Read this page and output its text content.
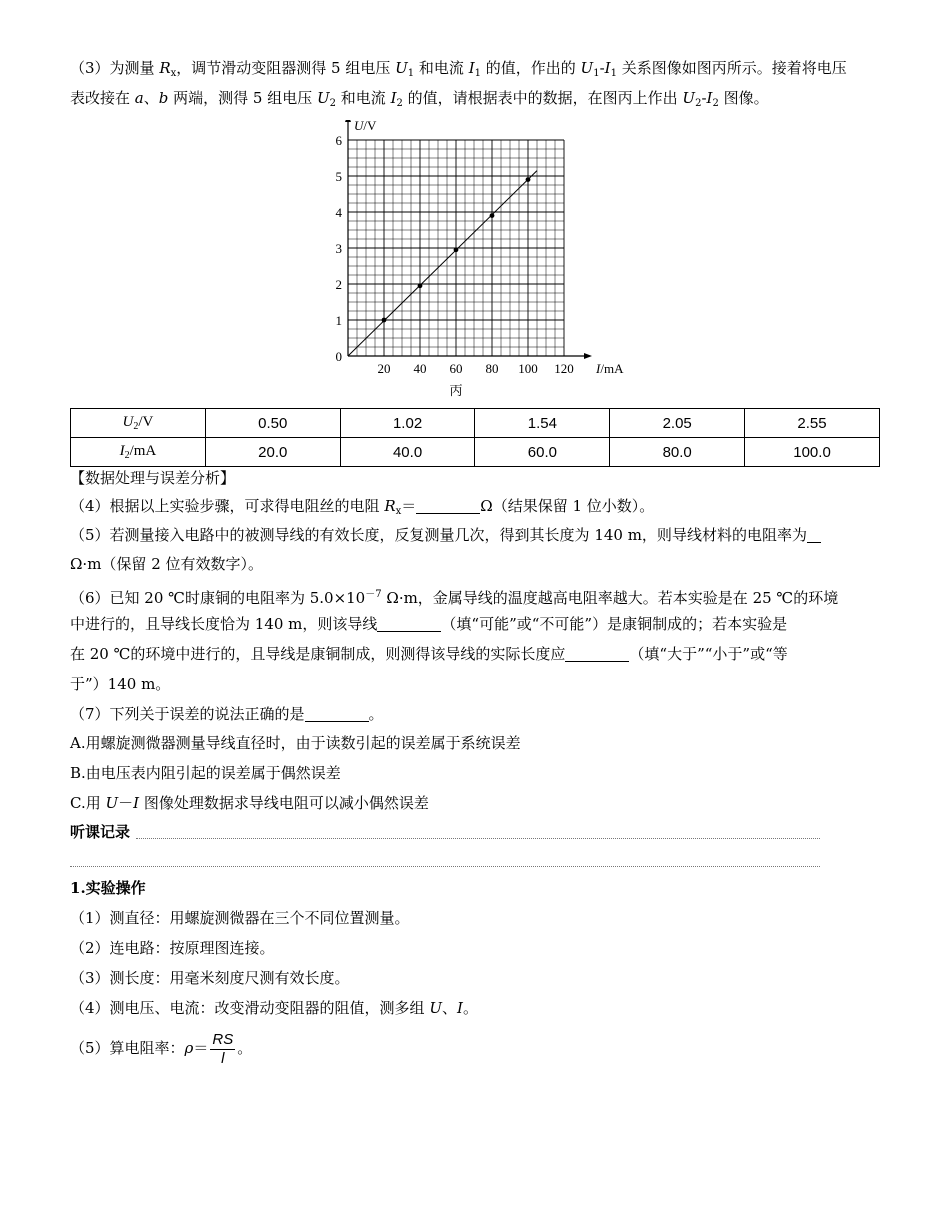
（3）为测量 $R_x$，调节滑动变阻器测得 5 组电压 $U_1$ 和电流 $I_1$ 的值，作出的 $U_1-I_1$ 关系图像如图丙所示。接着将电压
表改接在 a、b 两端，测得 5 组电压 $U_2$ 和电流 $I_2$ 的值，请根据表中的数据，在图丙上作出 $U_2-I_2$ 图像。
20 40 60 80 100 120
1
2
3
4
5
6
0
U/V
I/mA
丙
$U_2/V$	0.50	1.02	1.54	2.05	2.55
$I_2/mA$	20.0	40.0	60.0	80.0	100.0
【数据处理与误差分析】
（4）根据以上实验步骤，可求得电阻丝的电阻 $R_x=$	Ω（结果保留 1 位小数）。
（5）若测量接入电路中的被测导线的有效长度，反复测量几次，得到其长度为 140 m，则导线材料的电阻率为
Ω·m（保留 2 位有效数字）。
（6）已知 20 ℃时康铜的电阻率为 $5.0\times 10^{-7}$ Ω·m，金属导线的温度越高电阻率越大。若本实验是在 25 ℃的环境
中进行的，且导线长度恰为 140 m，则该导线	（填“可能”或“不可能”）是康铜制成的；若本实验是
在 20 ℃的环境中进行的，且导线是康铜制成，则测得该导线的实际长度应	（填“大于”“小于”或“等
于”）140 m。
（7）下列关于误差的说法正确的是	。
A.用螺旋测微器测量导线直径时，由于读数引起的误差属于系统误差
B.由电压表内阻引起的误差属于偶然误差
C.用 U－I 图像处理数据求导线电阻可以减小偶然误差
听课记录
1.实验操作
（1）测直径：用螺旋测微器在三个不同位置测量。
（2）连电路：按原理图连接。
（3）测长度：用毫米刻度尺测有效长度。
（4）测电压、电流：改变滑动变阻器的阻值，测多组 U、I。
（5）算电阻率：$\rho= \frac{RS}{l}$ 。
